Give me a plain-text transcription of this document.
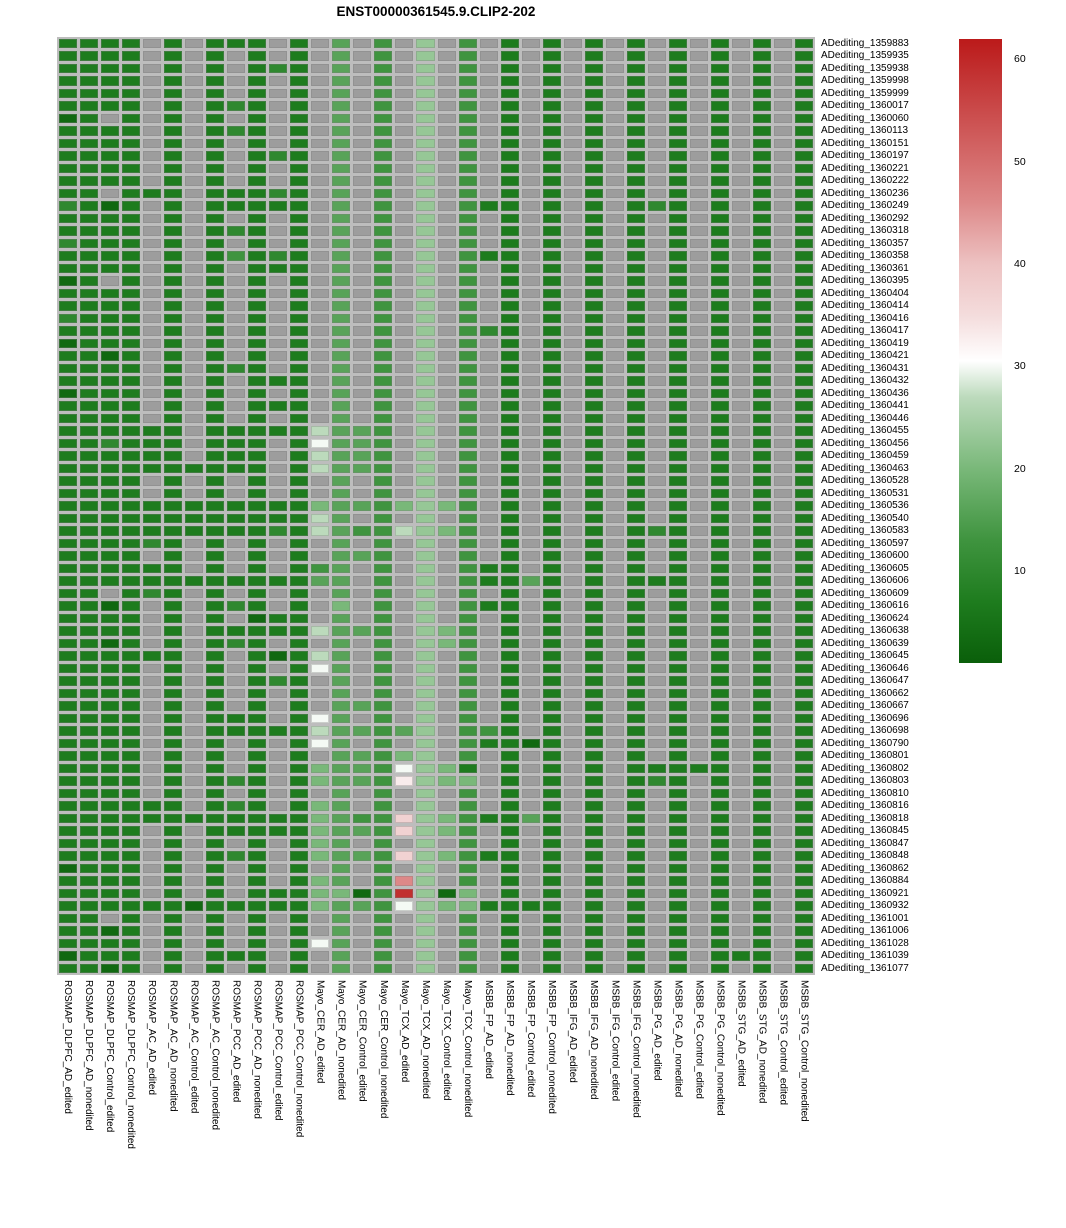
ENST00000361545.9.CLIP2-202
ADediting_1359883
ADediting_1359935
ADediting_1359938
ADediting_1359998
ADediting_1359999
ADediting_1360017
ADediting_1360060
ADediting_1360113
ADediting_1360151
ADediting_1360197
ADediting_1360221
ADediting_1360222
ADediting_1360236
ADediting_1360249
ADediting_1360292
ADediting_1360318
ADediting_1360357
ADediting_1360358
ADediting_1360361
ADediting_1360395
ADediting_1360404
ADediting_1360414
ADediting_1360416
ADediting_1360417
ADediting_1360419
ADediting_1360421
ADediting_1360431
ADediting_1360432
ADediting_1360436
ADediting_1360441
ADediting_1360446
ADediting_1360455
ADediting_1360456
ADediting_1360459
ADediting_1360463
ADediting_1360528
ADediting_1360531
ADediting_1360536
ADediting_1360540
ADediting_1360583
ADediting_1360597
ADediting_1360600
ADediting_1360605
ADediting_1360606
ADediting_1360609
ADediting_1360616
ADediting_1360624
ADediting_1360638
ADediting_1360639
ADediting_1360645
ADediting_1360646
ADediting_1360647
ADediting_1360662
ADediting_1360667
ADediting_1360696
ADediting_1360698
ADediting_1360790
ADediting_1360801
ADediting_1360802
ADediting_1360803
ADediting_1360810
ADediting_1360816
ADediting_1360818
ADediting_1360845
ADediting_1360847
ADediting_1360848
ADediting_1360862
ADediting_1360884
ADediting_1360921
ADediting_1360932
ADediting_1361001
ADediting_1361006
ADediting_1361028
ADediting_1361039
ADediting_1361077
ROSMAP_DLPFC_AD_edited	ROSMAP_DLPFC_AD_nonedited	ROSMAP_DLPFC_Control_edited	ROSMAP_DLPFC_Control_nonedited	ROSMAP_AC_AD_edited	ROSMAP_AC_AD_nonedited	ROSMAP_AC_Control_edited	ROSMAP_AC_Control_nonedited	ROSMAP_PCC_AD_edited	ROSMAP_PCC_AD_nonedited	ROSMAP_PCC_Control_edited	ROSMAP_PCC_Control_nonedited	Mayo_CER_AD_edited	Mayo_CER_AD_nonedited	Mayo_CER_Control_edited	Mayo_CER_Control_nonedited	Mayo_TCX_AD_edited	Mayo_TCX_AD_nonedited	Mayo_TCX_Control_edited	Mayo_TCX_Control_nonedited	MSBB_FP_AD_edited	MSBB_FP_AD_nonedited	MSBB_FP_Control_edited	MSBB_FP_Control_nonedited	MSBB_IFG_AD_edited	MSBB_IFG_AD_nonedited	MSBB_IFG_Control_edited	MSBB_IFG_Control_nonedited	MSBB_PG_AD_edited	MSBB_PG_AD_nonedited	MSBB_PG_Control_edited	MSBB_PG_Control_nonedited	MSBB_STG_AD_edited	MSBB_STG_AD_nonedited	MSBB_STG_Control_edited	MSBB_STG_Control_nonedited
60
50
40
30
20
10
